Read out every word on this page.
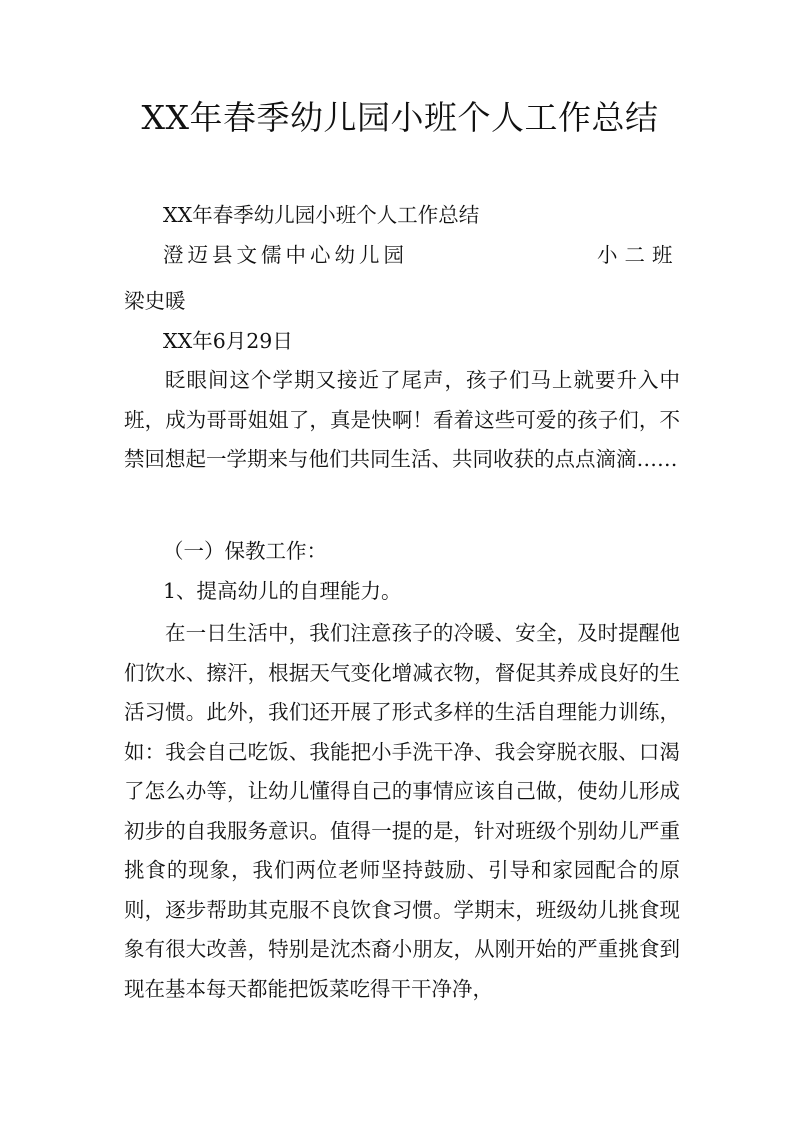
XX年春季幼儿园小班个人工作总结
XX年春季幼儿园小班个人工作总结
澄迈县文儒中心幼儿园	小二班
梁史暖
XX年6月29日

眨眼间这个学期又接近了尾声，孩子们马上就要升入中班，成为哥哥姐姐了，真是快啊！看着这些可爱的孩子们，不禁回想起一学期来与他们共同生活、共同收获的点点滴滴……

（一）保教工作：
1、提高幼儿的自理能力。

在一日生活中，我们注意孩子的冷暖、安全，及时提醒他们饮水、擦汗，根据天气变化增减衣物，督促其养成良好的生活习惯。此外，我们还开展了形式多样的生活自理能力训练，如：我会自己吃饭、我能把小手洗干净、我会穿脱衣服、口渴了怎么办等，让幼儿懂得自己的事情应该自己做，使幼儿形成初步的自我服务意识。值得一提的是，针对班级个别幼儿严重挑食的现象，我们两位老师坚持鼓励、引导和家园配合的原则，逐步帮助其克服不良饮食习惯。学期末，班级幼儿挑食现象有很大改善，特别是沈杰裔小朋友，从刚开始的严重挑食到现在基本每天都能把饭菜吃得干干净净，
